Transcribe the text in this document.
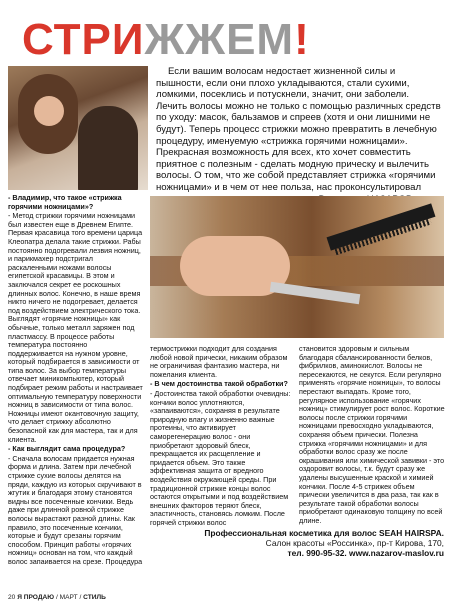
СТРИЖЖЕМ!

Если вашим волосам недостает жизненной силы и пышности, если они плохо укладываются, стали сухими, ломкими, посеклись и потускнели, значит, они заболели. Лечить волосы можно не только с помощью различных средств по уходу: масок, бальзамов и спреев (хотя и они лишними не будут). Теперь процесс стрижки можно превратить в лечебную процедуру, именуемую «стрижка горячими ножницами». Прекрасная возможность для всех, кто хочет совместить приятное с полезным - сделать модную прическу и вылечить волосы. О том, что же собой представляет стрижка «горячими ножницами» и в чем от нее польза, нас проконсультировал

- Владимир, что такое «стрижка горячими ножницами»?

- Метод стрижки горячими ножницами был известен еще в Древнем Египте. Первая красавица того времени царица Клеопатра делала такие стрижки. Рабы постоянно подогревали лезвия ножниц, и парикмахер подстригал раскаленными ножами волосы египетской красавицы. В этом и заключался секрет ее роскошных длинных волос. Конечно, в наше время никто ничего не подогревает, делается под воздействием электрического тока. Выглядят «горячие ножницы» как обычные, только металл заряжен под пластмассу. В процессе работы температура постоянно поддерживается на нужном уровне, который подбирается в зависимости от типа волос. За выбор температуры отвечает миникомпьютер, который подбирает режим работы и настраивает оптимальную температуру поверхности ножниц в зависимости от типа волос. Ножницы имеют окантовочную защиту, что делает стрижку абсолютно безопасной как для мастера, так и для клиента.

- Как выглядит сама процедура?

- Сначала волосам придается нужная форма и длина. Затем при лечебной стрижке сухие волосы делятся на пряди, каждую из которых скручивают в жгутик и благодаря этому становятся видны все посеченные кончики. Ведь даже при длинной ровной стрижке волосы вырастают разной длины. Как правило, это посеченные кончики, которые и будут срезаны горячим способом. Принцип работы «горячих ножниц» основан на том, что каждый волос запаивается на срезе. Процедура

термострижки подходит для создания любой новой прически, никаким образом не ограничивая фантазию мастера, ни пожелания клиента.

- В чем достоинства такой обработки?

- Достоинства такой обработки очевидны: кончики волос уплотняются, «запаиваются», сохраняя в результате природную влагу и жизненно важные протеины, что активирует саморегенерацию волос - они приобретают здоровый блеск, прекращается их расщепление и придается объем. Это также эффективная защита от вредного воздействия окружающей среды. При традиционной стрижке концы волос остаются открытыми и под воздействием внешних факторов теряют блеск, эластичность, становясь ломким. После горячей стрижки волос

становится здоровым и сильным благодаря сбалансированности белков, фибрилков, аминокислот. Волосы не пересекаются, не секутся. Если регулярно применять «горячие ножницы», то волосы перестают выпадать. Кроме того, регулярное использование «горячих ножниц» стимулирует рост волос. Короткие волосы после стрижки горячими ножницами превосходно укладываются, сохраняя объем прически. Полезна стрижка «горячими ножницами» и для обработки волос сразу же после окрашивания или химической завивки - это оздоровит волосы, т.к. будут сразу же удалены высушенные краской и химией кончики. После 4-5 стрижек объем прически увеличится в два раза, так как в результате такой обработки волосы приобретают одинаковую толщину по всей длине.

Профессиональная косметика для волос SEAH HAIRSPA.
Салон красоты «Россинка», пр-т Кирова, 170,
тел. 990-95-32. www.nazarov-maslov.ru
20 Я ПРОДАЮ / МАРТ / СТИЛЬ
